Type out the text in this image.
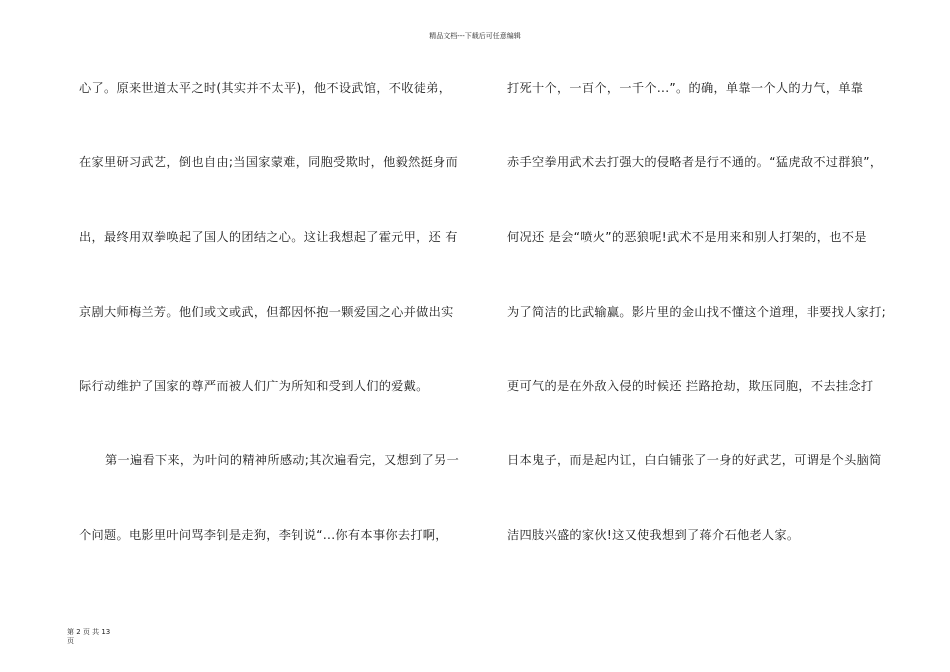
精品文档---下载后可任意编辑
心了。原来世道太平之时(其实并不太平)，他不设武馆，不收徒弟，
在家里研习武艺，倒也自由;当国家蒙难，同胞受欺时，他毅然挺身而
出，最终用双拳唤起了国人的团结之心。这让我想起了霍元甲，还 有
京剧大师梅兰芳。他们或文或武，但都因怀抱一颗爱国之心并做出实
际行动维护了国家的尊严而被人们广为所知和受到人们的爱戴。
第一遍看下来，为叶问的精神所感动;其次遍看完，又想到了另一
个问题。电影里叶问骂李钊是走狗，李钊说“...你有本事你去打啊，
打死十个，一百个，一千个...”。的确，单靠一个人的力气，单靠
赤手空拳用武术去打强大的侵略者是行不通的。“猛虎敌不过群狼”，
何况还 是会“喷火”的恶狼呢!武术不是用来和别人打架的，也不是
为了简洁的比武输赢。影片里的金山找不懂这个道理，非要找人家打;
更可气的是在外敌入侵的时候还 拦路抢劫，欺压同胞，不去挂念打
日本鬼子，而是起内讧，白白铺张了一身的好武艺，可谓是个头脑简
洁四肢兴盛的家伙!这又使我想到了蒋介石他老人家。
第 2 页 共 13
页
